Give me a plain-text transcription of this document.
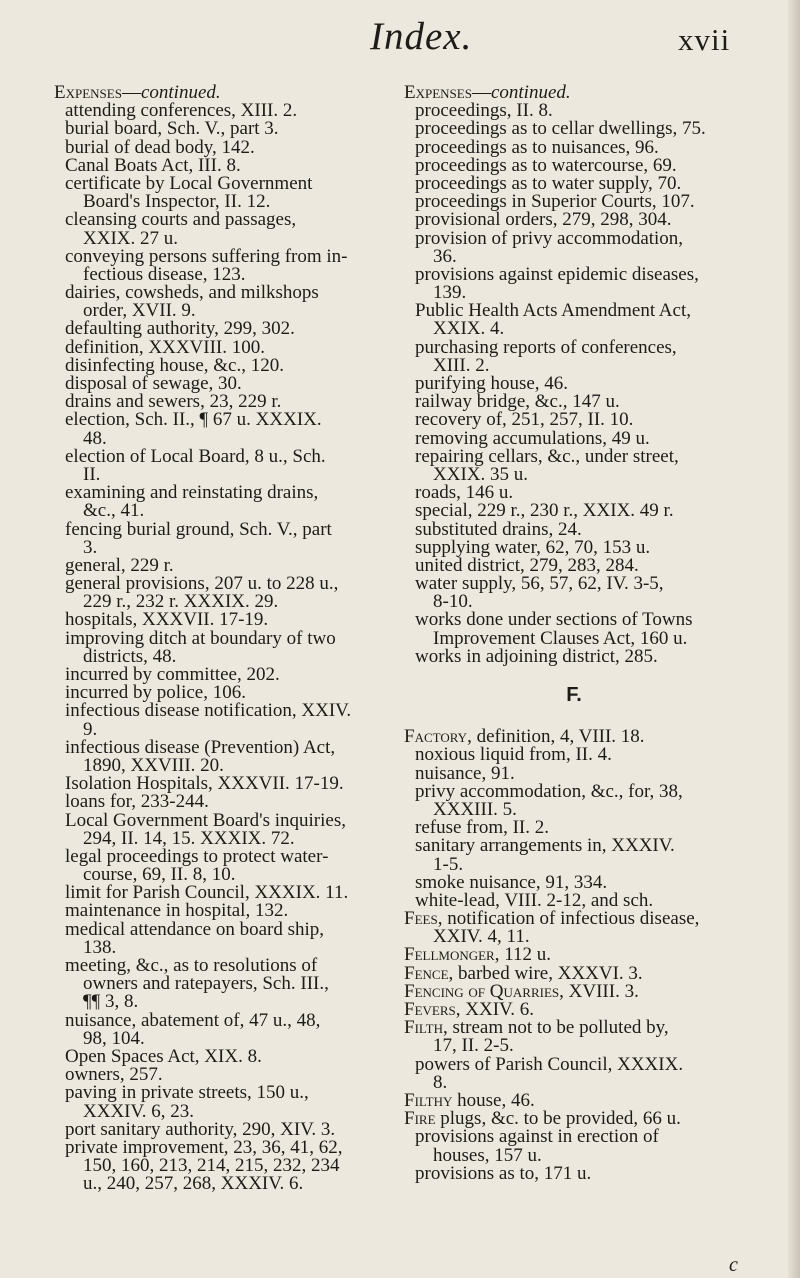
Index.	xvii
Expenses—continued.
attending conferences, XIII. 2.
burial board, Sch. V., part 3.
burial of dead body, 142.
Canal Boats Act, III. 8.
certificate by Local Government
Board's Inspector, II. 12.
cleansing courts and passages,
XXIX. 27 u.
conveying persons suffering from in-
fectious disease, 123.
dairies, cowsheds, and milkshops
order, XVII. 9.
defaulting authority, 299, 302.
definition, XXXVIII. 100.
disinfecting house, &c., 120.
disposal of sewage, 30.
drains and sewers, 23, 229 r.
election, Sch. II., ¶ 67 u. XXXIX.
48.
election of Local Board, 8 u., Sch.
II.
examining and reinstating drains,
&c., 41.
fencing burial ground, Sch. V., part
3.
general, 229 r.
general provisions, 207 u. to 228 u.,
229 r., 232 r. XXXIX. 29.
hospitals, XXXVII. 17-19.
improving ditch at boundary of two
districts, 48.
incurred by committee, 202.
incurred by police, 106.
infectious disease notification, XXIV.
9.
infectious disease (Prevention) Act,
1890, XXVIII. 20.
Isolation Hospitals, XXXVII. 17-19.
loans for, 233-244.
Local Government Board's inquiries,
294, II. 14, 15. XXXIX. 72.
legal proceedings to protect water-
course, 69, II. 8, 10.
limit for Parish Council, XXXIX. 11.
maintenance in hospital, 132.
medical attendance on board ship,
138.
meeting, &c., as to resolutions of
owners and ratepayers, Sch. III.,
¶¶ 3, 8.
nuisance, abatement of, 47 u., 48,
98, 104.
Open Spaces Act, XIX. 8.
owners, 257.
paving in private streets, 150 u.,
XXXIV. 6, 23.
port sanitary authority, 290, XIV. 3.
private improvement, 23, 36, 41, 62,
150, 160, 213, 214, 215, 232, 234
u., 240, 257, 268, XXXIV. 6.
Expenses—continued.
proceedings, II. 8.
proceedings as to cellar dwellings, 75.
proceedings as to nuisances, 96.
proceedings as to watercourse, 69.
proceedings as to water supply, 70.
proceedings in Superior Courts, 107.
provisional orders, 279, 298, 304.
provision of privy accommodation,
36.
provisions against epidemic diseases,
139.
Public Health Acts Amendment Act,
XXIX. 4.
purchasing reports of conferences,
XIII. 2.
purifying house, 46.
railway bridge, &c., 147 u.
recovery of, 251, 257, II. 10.
removing accumulations, 49 u.
repairing cellars, &c., under street,
XXIX. 35 u.
roads, 146 u.
special, 229 r., 230 r., XXIX. 49 r.
substituted drains, 24.
supplying water, 62, 70, 153 u.
united district, 279, 283, 284.
water supply, 56, 57, 62, IV. 3-5,
8-10.
works done under sections of Towns
Improvement Clauses Act, 160 u.
works in adjoining district, 285.
F.
Factory, definition, 4, VIII. 18.
noxious liquid from, II. 4.
nuisance, 91.
privy accommodation, &c., for, 38,
XXXIII. 5.
refuse from, II. 2.
sanitary arrangements in, XXXIV.
1-5.
smoke nuisance, 91, 334.
white-lead, VIII. 2-12, and sch.
Fees, notification of infectious disease,
XXIV. 4, 11.
Fellmonger, 112 u.
Fence, barbed wire, XXXVI. 3.
Fencing of Quarries, XVIII. 3.
Fevers, XXIV. 6.
Filth, stream not to be polluted by,
17, II. 2-5.
powers of Parish Council, XXXIX.
8.
Filthy house, 46.
Fire plugs, &c. to be provided, 66 u.
provisions against in erection of
houses, 157 u.
provisions as to, 171 u.
c
